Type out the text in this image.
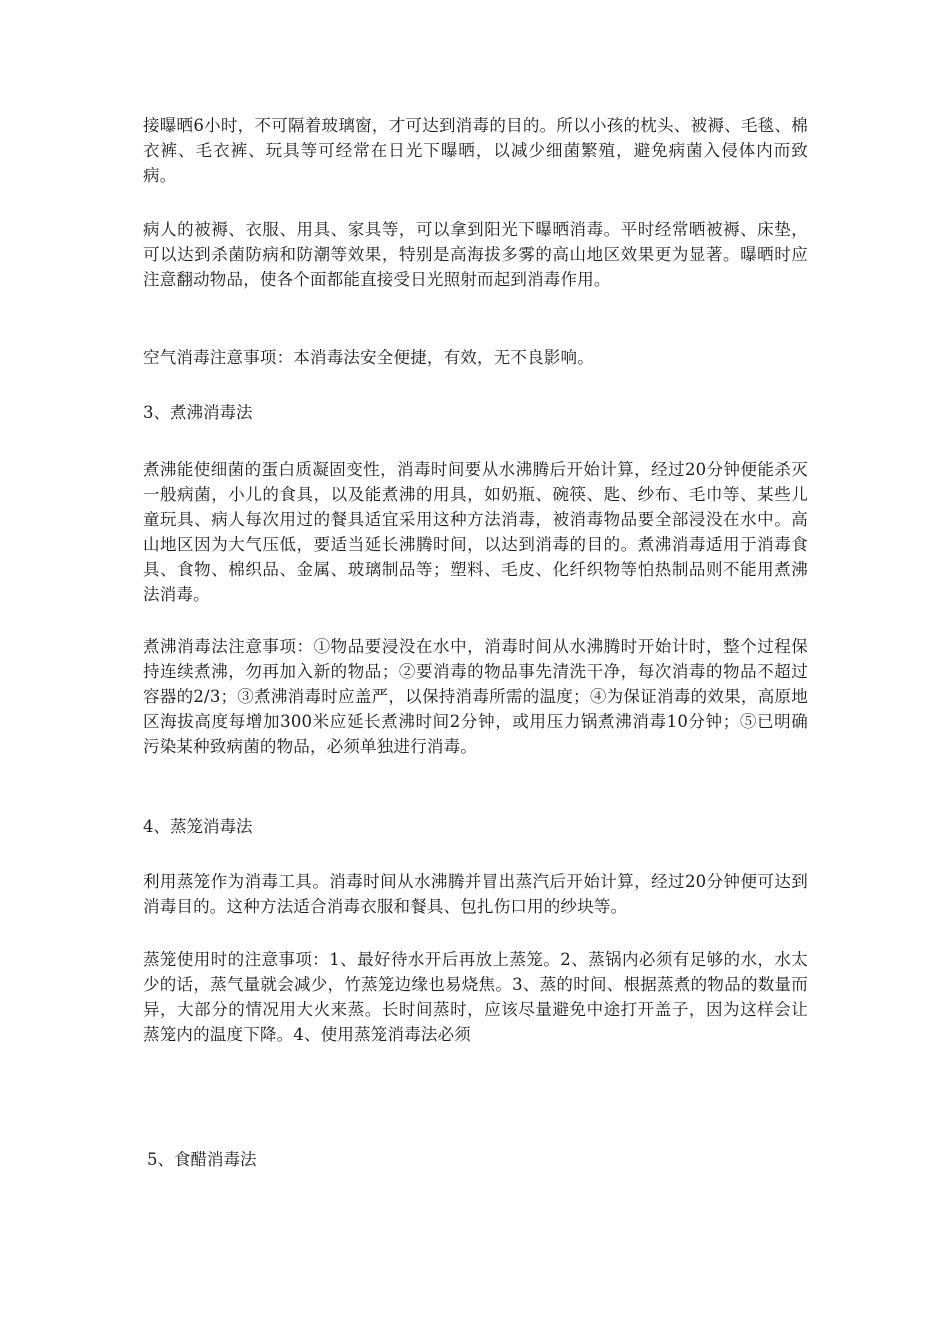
接曝晒6小时，不可隔着玻璃窗，才可达到消毒的目的。所以小孩的枕头、被褥、毛毯、棉衣裤、毛衣裤、玩具等可经常在日光下曝晒，以减少细菌繁殖，避免病菌入侵体内而致病。

病人的被褥、衣服、用具、家具等，可以拿到阳光下曝晒消毒。平时经常晒被褥、床垫，可以达到杀菌防病和防潮等效果，特别是高海拔多雾的高山地区效果更为显著。曝晒时应注意翻动物品，使各个面都能直接受日光照射而起到消毒作用。

空气消毒注意事项：本消毒法安全便捷，有效，无不良影响。

3、煮沸消毒法

煮沸能使细菌的蛋白质凝固变性，消毒时间要从水沸腾后开始计算，经过20分钟便能杀灭一般病菌，小儿的食具，以及能煮沸的用具，如奶瓶、碗筷、匙、纱布、毛巾等、某些儿童玩具、病人每次用过的餐具适宜采用这种方法消毒，被消毒物品要全部浸没在水中。高山地区因为大气压低，要适当延长沸腾时间，以达到消毒的目的。煮沸消毒适用于消毒食具、食物、棉织品、金属、玻璃制品等；塑料、毛皮、化纤织物等怕热制品则不能用煮沸法消毒。

煮沸消毒法注意事项：①物品要浸没在水中，消毒时间从水沸腾时开始计时，整个过程保持连续煮沸，勿再加入新的物品；②要消毒的物品事先清洗干净，每次消毒的物品不超过容器的2/3；③煮沸消毒时应盖严，以保持消毒所需的温度；④为保证消毒的效果，高原地区海拔高度每增加300米应延长煮沸时间2分钟，或用压力锅煮沸消毒10分钟；⑤已明确污染某种致病菌的物品，必须单独进行消毒。

4、蒸笼消毒法

利用蒸笼作为消毒工具。消毒时间从水沸腾并冒出蒸汽后开始计算，经过20分钟便可达到消毒目的。这种方法适合消毒衣服和餐具、包扎伤口用的纱块等。

蒸笼使用时的注意事项：1、最好待水开后再放上蒸笼。2、蒸锅内必须有足够的水，水太少的话，蒸气量就会减少，竹蒸笼边缘也易烧焦。3、蒸的时间、根据蒸煮的物品的数量而异，大部分的情况用大火来蒸。长时间蒸时，应该尽量避免中途打开盖子，因为这样会让蒸笼内的温度下降。4、使用蒸笼消毒法必须

5、食醋消毒法
